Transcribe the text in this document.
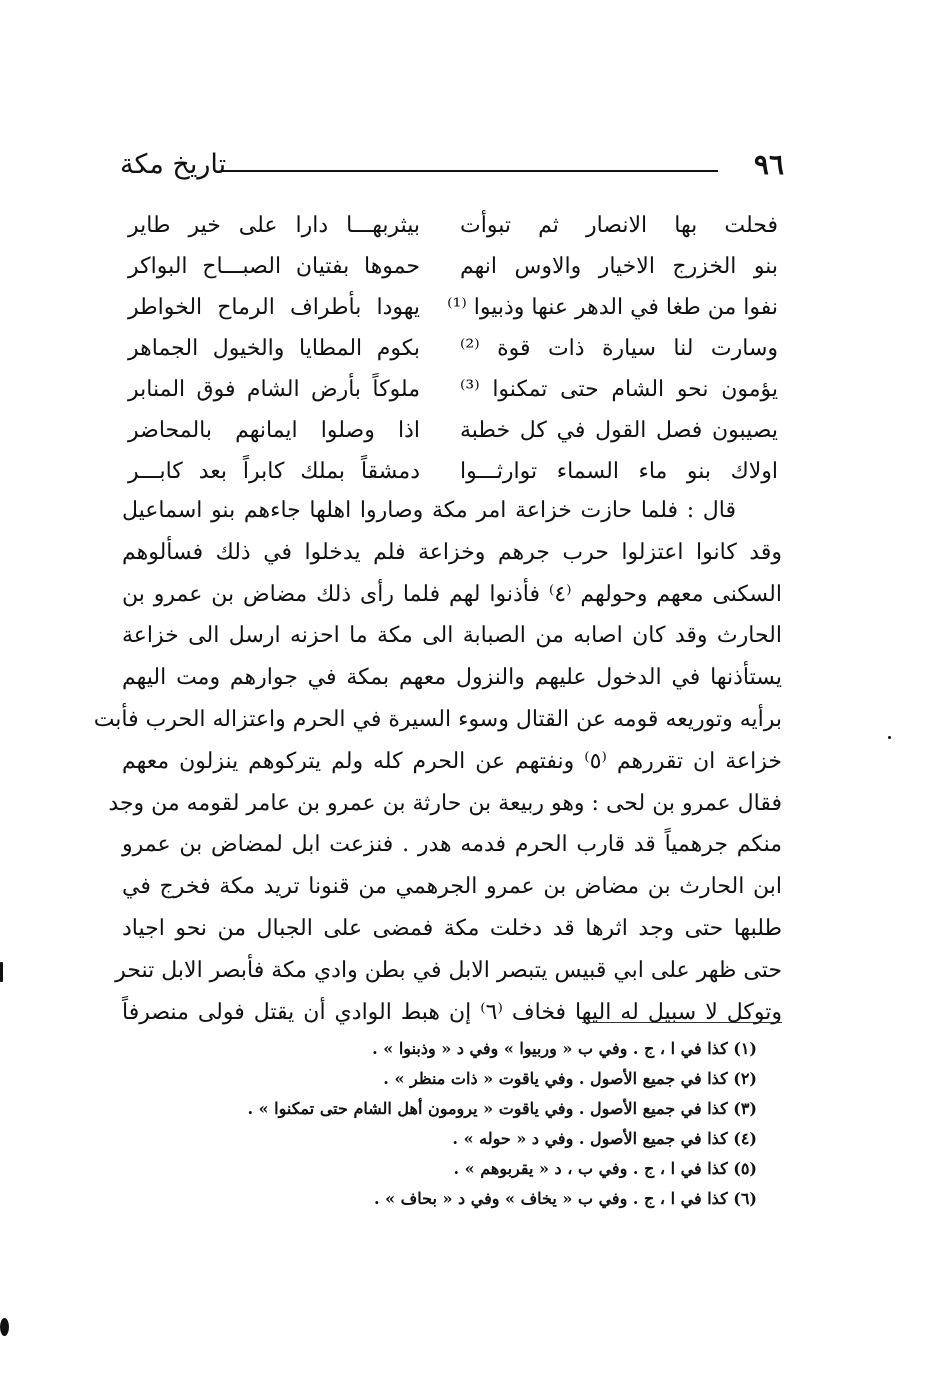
٩٦
تاريخ مكة
فحلت بها الانصار ثم تبوأت
بيثربهـــا دارا على خير طاير
بنو الخزرج الاخيار والاوس انهم
حموها بفتيان الصبـــاح البواكر
نفوا من طغا في الدهر عنها وذبيوا ⁽¹⁾
يهودا بأطراف الرماح الخواطر
وسارت لنا سيارة ذات قوة ⁽²⁾
بكوم المطايا والخيول الجماهر
يؤمون نحو الشام حتى تمكنوا ⁽³⁾
ملوكاً بأرض الشام فوق المنابر
يصيبون فصل القول في كل خطبة
اذا وصلوا ايمانهم بالمحاضر
اولاك بنو ماء السماء توارثـــوا
دمشقاً بملك كابراً بعد كابـــر
قال : فلما حازت خزاعة امر مكة وصاروا اهلها جاءهم بنو اسماعيل
وقد كانوا اعتزلوا حرب جرهم وخزاعة فلم يدخلوا في ذلك فسألوهم
السكنى معهم وحولهم ⁽٤⁾ فأذنوا لهم فلما رأى ذلك مضاض بن عمرو بن
الحارث وقد كان اصابه من الصبابة الى مكة ما احزنه ارسل الى خزاعة
يستأذنها في الدخول عليهم والنزول معهم بمكة في جوارهم ومت اليهم
برأيه وتوريعه قومه عن القتال وسوء السيرة في الحرم واعتزاله الحرب فأبت
خزاعة ان تقررهم ⁽٥⁾ ونفتهم عن الحرم كله ولم يتركوهم ينزلون معهم
فقال عمرو بن لحى : وهو ربيعة بن حارثة بن عمرو بن عامر لقومه من وجد
منكم جرهمياً قد قارب الحرم فدمه هدر . فنزعت ابل لمضاض بن عمرو
ابن الحارث بن مضاض بن عمرو الجرهمي من قنونا تريد مكة فخرج في
طلبها حتى وجد اثرها قد دخلت مكة فمضى على الجبال من نحو اجياد
حتى ظهر على ابي قبيس يتبصر الابل في بطن وادي مكة فأبصر الابل تنحر
وتوكل لا سبيل له اليها فخاف ⁽٦⁾ إن هبط الوادي أن يقتل فولى منصرفاً
(١) كذا في ا ، ج . وفي ب « وربيوا » وفي د « وذبنوا » .
(٢) كذا في جميع الأصول . وفي ياقوت « ذات منظر » .
(٣) كذا في جميع الأصول . وفي ياقوت « يرومون أهل الشام حتى تمكنوا » .
(٤) كذا في جميع الأصول . وفي د « حوله » .
(٥) كذا في ا ، ج . وفي ب ، د « يقربوهم » .
(٦) كذا في ا ، ج . وفي ب « يخاف » وفي د « بحاف » .
